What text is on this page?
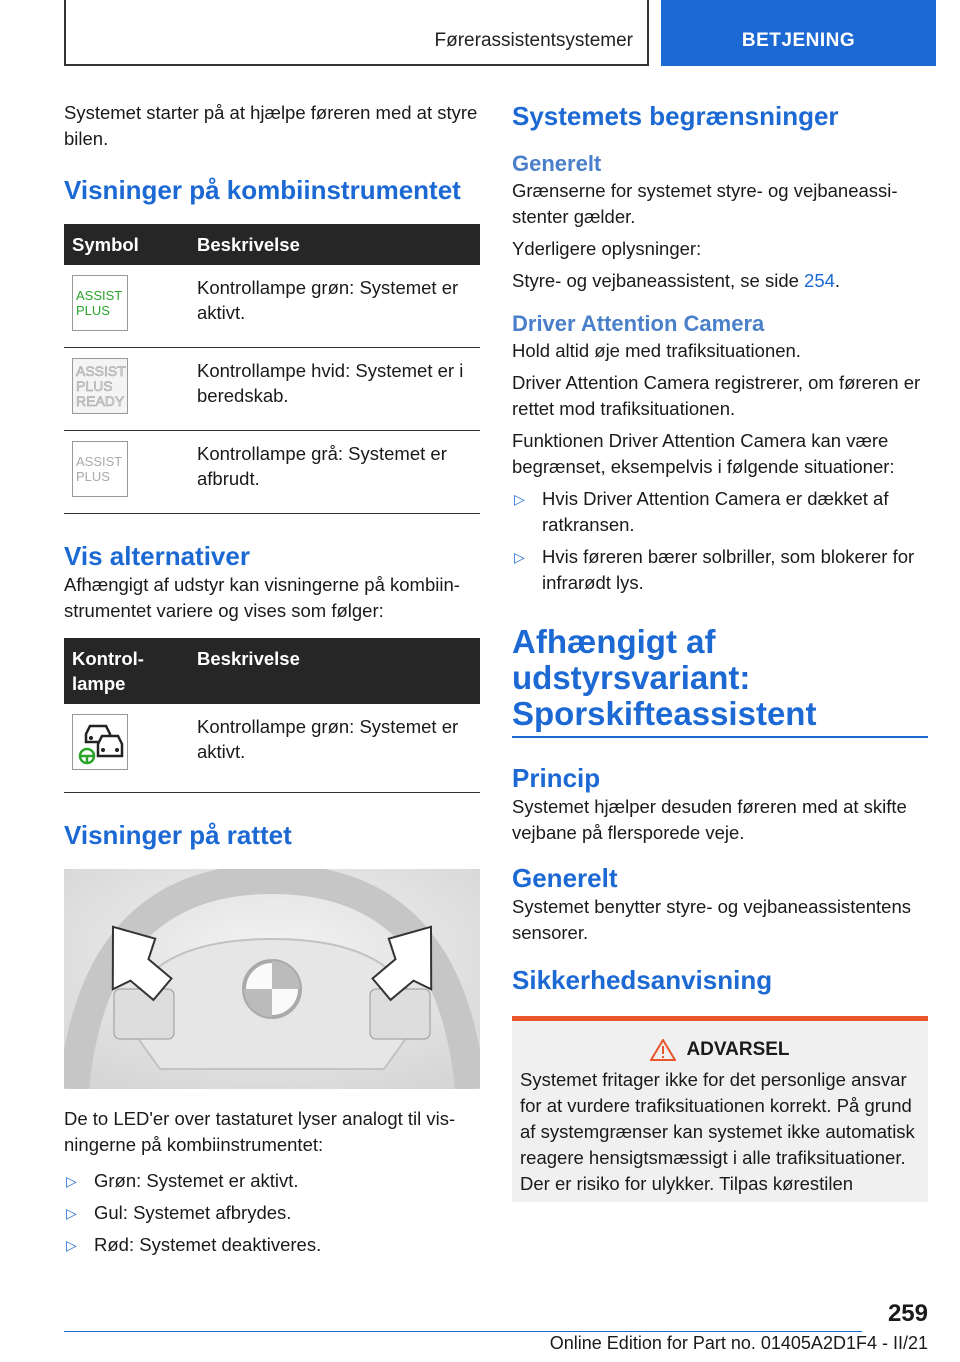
Førerassistentsystemer	BETJENING

Systemet starter på at hjælpe føreren med at styre bilen.

Visninger på kombiinstrumentet
Symbol	Beskrivelse

ASSIST
PLUS	Kontrollampe grøn: Systemet er aktivt.

ASSIST
PLUS
READY	Kontrollampe hvid: Systemet er i beredskab.

ASSIST
PLUS	Kontrollampe grå: Systemet er afbrudt.
Vis alternativer

Afhængigt af udstyr kan visningerne på kombiinstrumentet variere og vises som følger:

Kontrollampe	Beskrivelse
	Kontrollampe grøn: Systemet er aktivt.
Visninger på rattet

De to LED'er over tastaturet lyser analogt til visningerne på kombiinstrumentet:

▷ Grøn: Systemet er aktivt.
▷ Gul: Systemet afbrydes.
▷ Rød: Systemet deaktiveres.
Systemets begrænsninger
Generelt

Grænserne for systemet styre- og vejbaneassistenter gælder.

Yderligere oplysninger:

Styre- og vejbaneassistent, se side 254.

Driver Attention Camera

Hold altid øje med trafiksituationen.

Driver Attention Camera registrerer, om føreren er rettet mod trafiksituationen.

Funktionen Driver Attention Camera kan være begrænset, eksempelvis i følgende situationer:

▷ Hvis Driver Attention Camera er dækket af ratkransen.
▷ Hvis føreren bærer solbriller, som blokerer for infrarødt lys.
Afhængigt af
udstyrsvariant:
Sporskifteassistent
Princip

Systemet hjælper desuden føreren med at skifte vejbane på flersporede veje.

Generelt

Systemet benytter styre- og vejbaneassistentens sensorer.

Sikkerhedsanvisning
ADVARSEL

Systemet fritager ikke for det personlige ansvar for at vurdere trafiksituationen korrekt. På grund af systemgrænser kan systemet ikke automatisk reagere hensigtsmæssigt i alle trafiksituationer. Der er risiko for ulykker. Tilpas kørestilen

259
Online Edition for Part no. 01405A2D1F4 - II/21
